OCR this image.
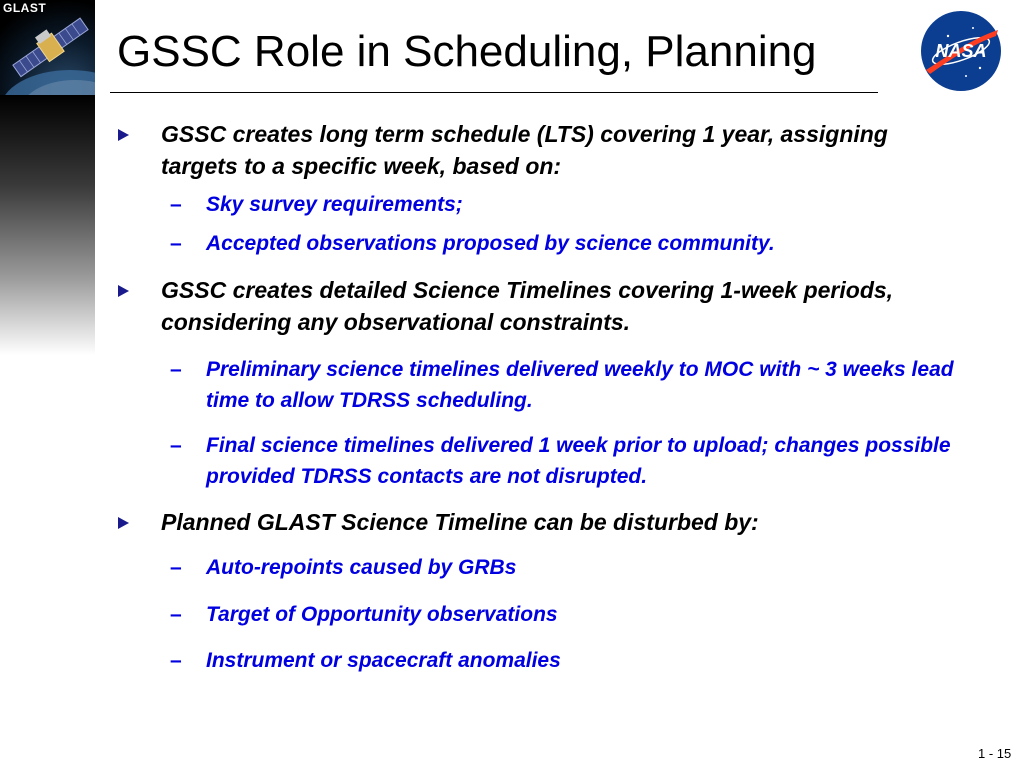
GLAST
GSSC Role in Scheduling, Planning	NASA
GSSC creates long term schedule (LTS) covering 1 year, assigning targets to a specific week, based on:
– Sky survey requirements;
– Accepted observations proposed by science community.
GSSC creates detailed Science Timelines covering 1-week periods, considering any observational constraints.
– Preliminary science timelines delivered weekly to MOC with ~ 3 weeks lead time to allow TDRSS scheduling.
– Final science timelines delivered 1 week prior to upload; changes possible provided TDRSS contacts are not disrupted.
Planned GLAST Science Timeline can be disturbed by:
– Auto-repoints caused by GRBs
– Target of Opportunity observations
– Instrument or spacecraft anomalies
1 - 15
